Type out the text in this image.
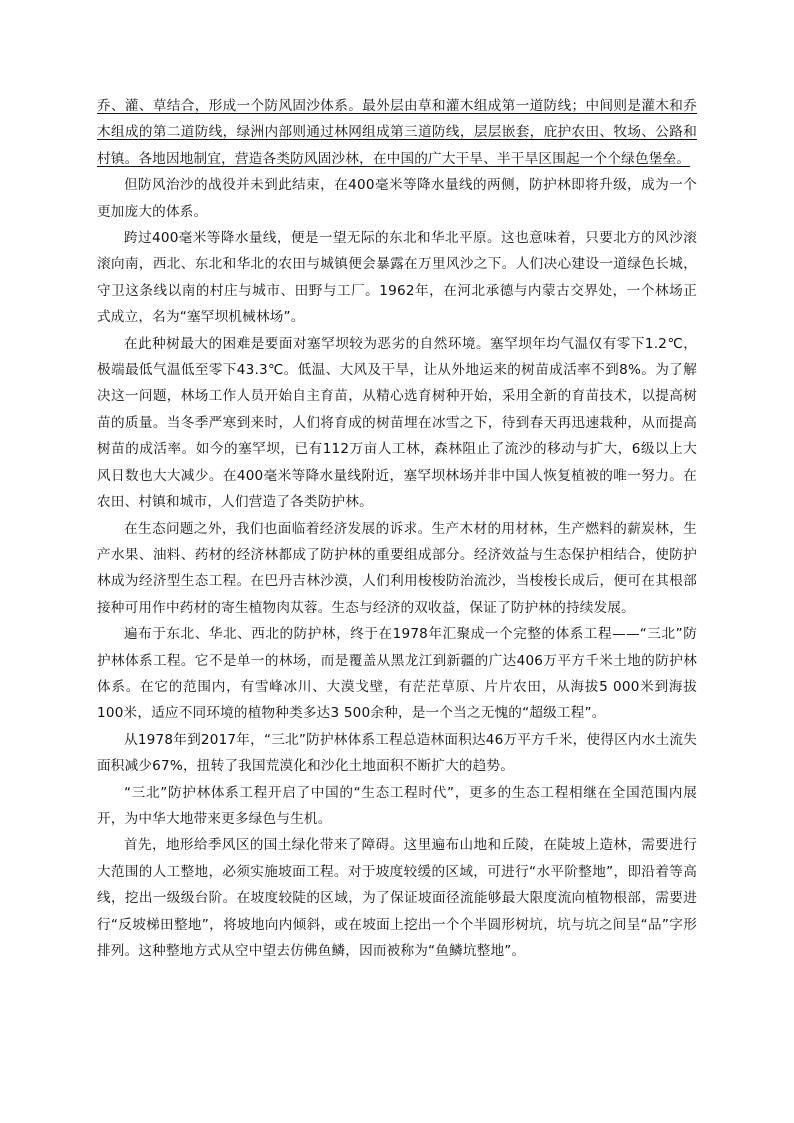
乔、灌、草结合，形成一个防风固沙体系。最外层由草和灌木组成第一道防线；中间则是灌木和乔木组成的第二道防线，绿洲内部则通过林网组成第三道防线，层层嵌套，庇护农田、牧场、公路和村镇。各地因地制宜，营造各类防风固沙林，在中国的广大干旱、半干旱区围起一个个绿色堡垒。

但防风治沙的战役并未到此结束，在400毫米等降水量线的两侧，防护林即将升级，成为一个更加庞大的体系。

跨过400毫米等降水量线，便是一望无际的东北和华北平原。这也意味着，只要北方的风沙滚滚向南，西北、东北和华北的农田与城镇便会暴露在万里风沙之下。人们决心建设一道绿色长城，守卫这条线以南的村庄与城市、田野与工厂。1962年，在河北承德与内蒙古交界处，一个林场正式成立，名为“塞罕坝机械林场”。

在此种树最大的困难是要面对塞罕坝较为恶劣的自然环境。塞罕坝年均气温仅有零下1.2℃，极端最低气温低至零下43.3℃。低温、大风及干旱，让从外地运来的树苗成活率不到8%。为了解决这一问题，林场工作人员开始自主育苗，从精心选育树种开始，采用全新的育苗技术，以提高树苗的质量。当冬季严寒到来时，人们将育成的树苗埋在冰雪之下，待到春天再迅速栽种，从而提高树苗的成活率。如今的塞罕坝，已有112万亩人工林，森林阻止了流沙的移动与扩大，6级以上大风日数也大大减少。在400毫米等降水量线附近，塞罕坝林场并非中国人恢复植被的唯一努力。在农田、村镇和城市，人们营造了各类防护林。

在生态问题之外，我们也面临着经济发展的诉求。生产木材的用材林，生产燃料的薪炭林，生产水果、油料、药材的经济林都成了防护林的重要组成部分。经济效益与生态保护相结合，使防护林成为经济型生态工程。在巴丹吉林沙漠，人们利用梭梭防治流沙，当梭梭长成后，便可在其根部接种可用作中药材的寄生植物肉苁蓉。生态与经济的双收益，保证了防护林的持续发展。

遍布于东北、华北、西北的防护林，终于在1978年汇聚成一个完整的体系工程——“三北”防护林体系工程。它不是单一的林场，而是覆盖从黑龙江到新疆的广达406万平方千米土地的防护林体系。在它的范围内，有雪峰冰川、大漠戈壁，有茫茫草原、片片农田，从海拔5 000米到海拔100米，适应不同环境的植物种类多达3 500余种，是一个当之无愧的“超级工程”。

从1978年到2017年，“三北”防护林体系工程总造林面积达46万平方千米，使得区内水土流失面积减少67%，扭转了我国荒漠化和沙化土地面积不断扩大的趋势。

“三北”防护林体系工程开启了中国的“生态工程时代”，更多的生态工程相继在全国范围内展开，为中华大地带来更多绿色与生机。

首先，地形给季风区的国土绿化带来了障碍。这里遍布山地和丘陵，在陡坡上造林，需要进行大范围的人工整地，必须实施坡面工程。对于坡度较缓的区域，可进行“水平阶整地”，即沿着等高线，挖出一级级台阶。在坡度较陡的区域，为了保证坡面径流能够最大限度流向植物根部，需要进行“反坡梯田整地”，将坡地向内倾斜，或在坡面上挖出一个个半圆形树坑，坑与坑之间呈“品”字形排列。这种整地方式从空中望去仿佛鱼鳞，因而被称为“鱼鳞坑整地”。
